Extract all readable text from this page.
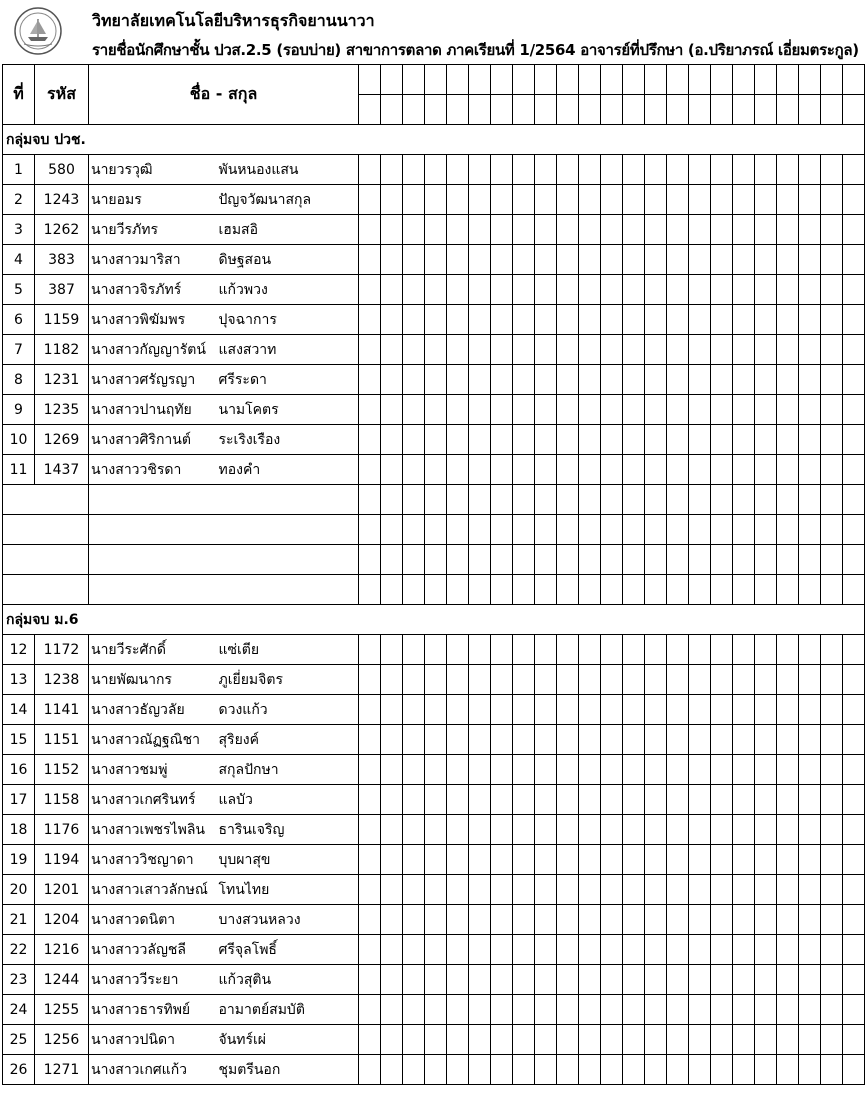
วิทยาลัยเทคโนโลยีบริหารธุรกิจยานนาวา
รายชื่อนักศึกษาชั้น ปวส.2.5 (รอบบ่าย) สาขาการตลาด ภาคเรียนที่ 1/2564 อาจารย์ที่ปรึกษา (อ.ปริยาภรณ์ เอี่ยมตระกูล)
ที่	รหัส	ชื่อ - สกุล																								

กลุ่มจบ ปวช.																										
1	580	นายวรวุฒิ	พันหนองแสน																							
2	1243	นายอมร	ปัญจวัฒนาสกุล																							
3	1262	นายวีรภัทร	เฮมสอิ																							
4	383	นางสาวมาริสา	ดิษฐสอน																							
5	387	นางสาวจิรภัทร์	แก้วพวง																							
6	1159	นางสาวพิฆัมพร	ปุจฉาการ																							
7	1182	นางสาวกัญญารัตน์	แสงสวาท																							
8	1231	นางสาวศรัญรญา	ศรีระดา																							
9	1235	นางสาวปานฤทัย	นามโคตร																							
10	1269	นางสาวศิริกานต์	ระเริงเรือง																							
11	1437	นางสาววชิรดา	ทองคำ																							

กลุ่มจบ ม.6																										
12	1172	นายวีระศักดิ์	แซ่เตีย																							
13	1238	นายพัฒนากร	ภูเยี่ยมจิตร																							
14	1141	นางสาวธัญวลัย	ดวงแก้ว																							
15	1151	นางสาวณัฏฐณิชา	สุริยงค์																							
16	1152	นางสาวชมพู่	สกุลปักษา																							
17	1158	นางสาวเกศรินทร์	แลบัว																							
18	1176	นางสาวเพชรไพลิน	ธารินเจริญ																							
19	1194	นางสาววิชญาดา	บุบผาสุข																							
20	1201	นางสาวเสาวลักษณ์	โทนไทย																							
21	1204	นางสาวดนิตา	บางสวนหลวง																							
22	1216	นางสาววลัญชลี	ศรีจุลโพธิ์																							
23	1244	นางสาววีระยา	แก้วสุติน																							
24	1255	นางสาวธารทิพย์	อามาตย์สมบัติ																							
25	1256	นางสาวปนิดา	จันทร์เผ่																							
26	1271	นางสาวเกศแก้ว	ชุมตรีนอก																							
